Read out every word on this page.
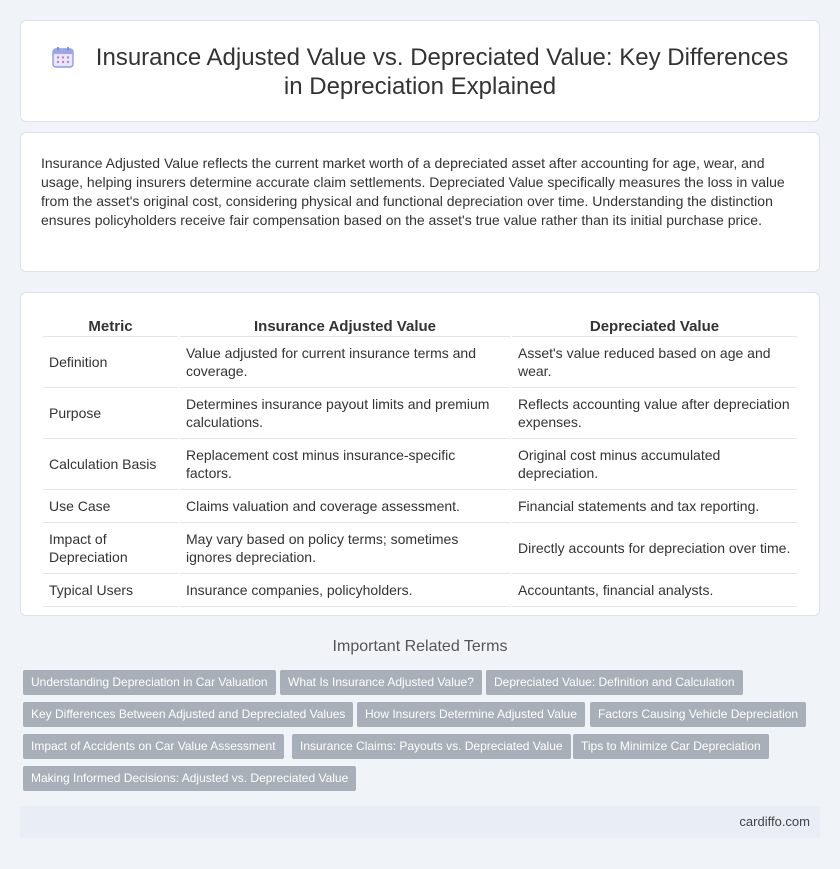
Insurance Adjusted Value vs. Depreciated Value: Key Differences
in Depreciation Explained

Insurance Adjusted Value reflects the current market worth of a depreciated asset after accounting for age, wear, and usage, helping insurers determine accurate claim settlements. Depreciated Value specifically measures the loss in value from the asset's original cost, considering physical and functional depreciation over time. Understanding the distinction ensures policyholders receive fair compensation based on the asset's true value rather than its initial purchase price.

Metric	Insurance Adjusted Value	Depreciated Value
Definition	Value adjusted for current insurance terms and coverage.	Asset's value reduced based on age and wear.
Purpose	Determines insurance payout limits and premium calculations.	Reflects accounting value after depreciation expenses.
Calculation Basis	Replacement cost minus insurance-specific factors.	Original cost minus accumulated depreciation.
Use Case	Claims valuation and coverage assessment.	Financial statements and tax reporting.
Impact of Depreciation	May vary based on policy terms; sometimes ignores depreciation.	Directly accounts for depreciation over time.
Typical Users	Insurance companies, policyholders.	Accountants, financial analysts.
Important Related Terms
Understanding Depreciation in Car Valuation	What Is Insurance Adjusted Value?	Depreciated Value: Definition and Calculation
Key Differences Between Adjusted and Depreciated Values	How Insurers Determine Adjusted Value	Factors Causing Vehicle Depreciation
Impact of Accidents on Car Value Assessment	Insurance Claims: Payouts vs. Depreciated Value	Tips to Minimize Car Depreciation
Making Informed Decisions: Adjusted vs. Depreciated Value
cardiffo.com
